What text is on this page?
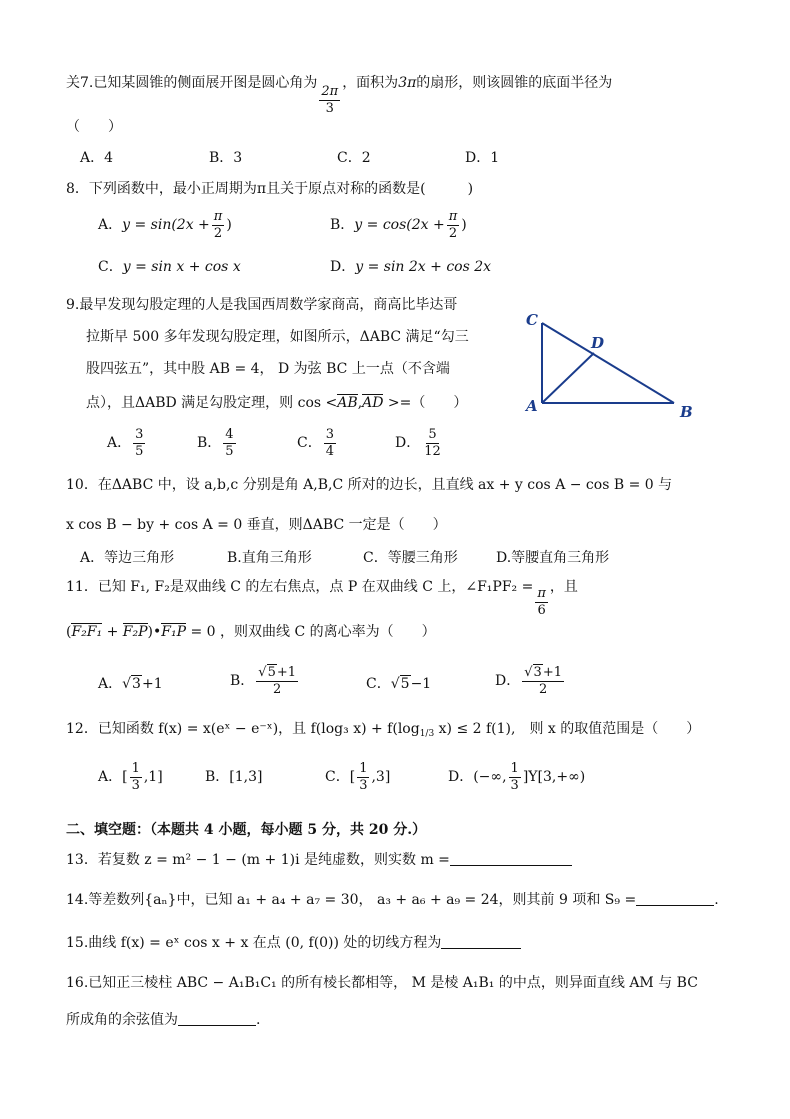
关7.已知某圆锥的侧面展开图是圆心角为
$\frac{2\pi}{3}$
，面积为3π的扇形，则该圆锥的底面半径为
（　　）
A．4	B．3	C．2	D．1
8．下列函数中，最小正周期为π且关于原点对称的函数是(　　　)
A．$y = \sin(2x + \frac{\pi}{2}$ )	B．$y = \cos(2x + \frac{\pi}{2}$ )
C．y = sin x + cos x	D．y = sin 2x + cos 2x
9.最早发现勾股定理的人是我国西周数学家商高，商高比毕达哥
拉斯早 500 多年发现勾股定理，如图所示，ΔABC 满足“勾三
股四弦五”，其中股 AB = 4， D 为弦 BC 上一点（不含端
点），且ΔABD 满足勾股定理，则 cos <AB,AD >=（　　）
C
D
A	B
A． $\frac{3}{5}$	B． $\frac{4}{5}$	C． $\frac{3}{4}$	D． $\frac{5}{12}$
10．在ΔABC 中，设 a,b,c 分别是角 A,B,C 所对的边长，且直线 ax + y cos A − cos B = 0 与
x cos B − by + cos A = 0 垂直，则ΔABC 一定是（　　）
A．等边三角形	B.直角三角形	C．等腰三角形	D.等腰直角三角形
11．已知 F₁, F₂是双曲线 C 的左右焦点，点 P 在双曲线 C 上，∠F₁PF₂ = $\frac{\pi}{6}$ ，且
(F₂F₁ + F₂P)•F₁P = 0 ，则双曲线 C 的离心率为（　　）
A．√3+1	B． $\frac{√5+1}{2}$	C．√5−1	D． $\frac{√3+1}{2}$
12．已知函数 f(x) = x(eˣ − e⁻ˣ)，且 f(log₃ $x) + f(\log_{1/3}$ x) ≤ 2 f(1),　则 x 的取值范围是（　　）
A．[ $\frac{1}{3} ,1$]	B．[1,3]	C．[ $\frac{1}{3} ,3$]	D．(−∞, $\frac{1}{3} ]Y[3,+\infty)$
二、填空题：（本题共 4 小题，每小题 5 分，共 20 分.）
13．若复数 z = m² − 1 − (m + 1)i 是纯虚数，则实数 m =
14.等差数列{aₙ}中，已知 a₁ + a₄ + a₇ = 30， a₃ + a₆ + a₉ = 24，则其前 9 项和 S₉ =	.
15.曲线 f(x) = eˣ cos x + x 在点 (0, f(0)) 处的切线方程为
16.已知正三棱柱 ABC − A₁B₁C₁ 的所有棱长都相等， M 是棱 A₁B₁ 的中点，则异面直线 AM 与 BC
所成角的余弦值为	.
